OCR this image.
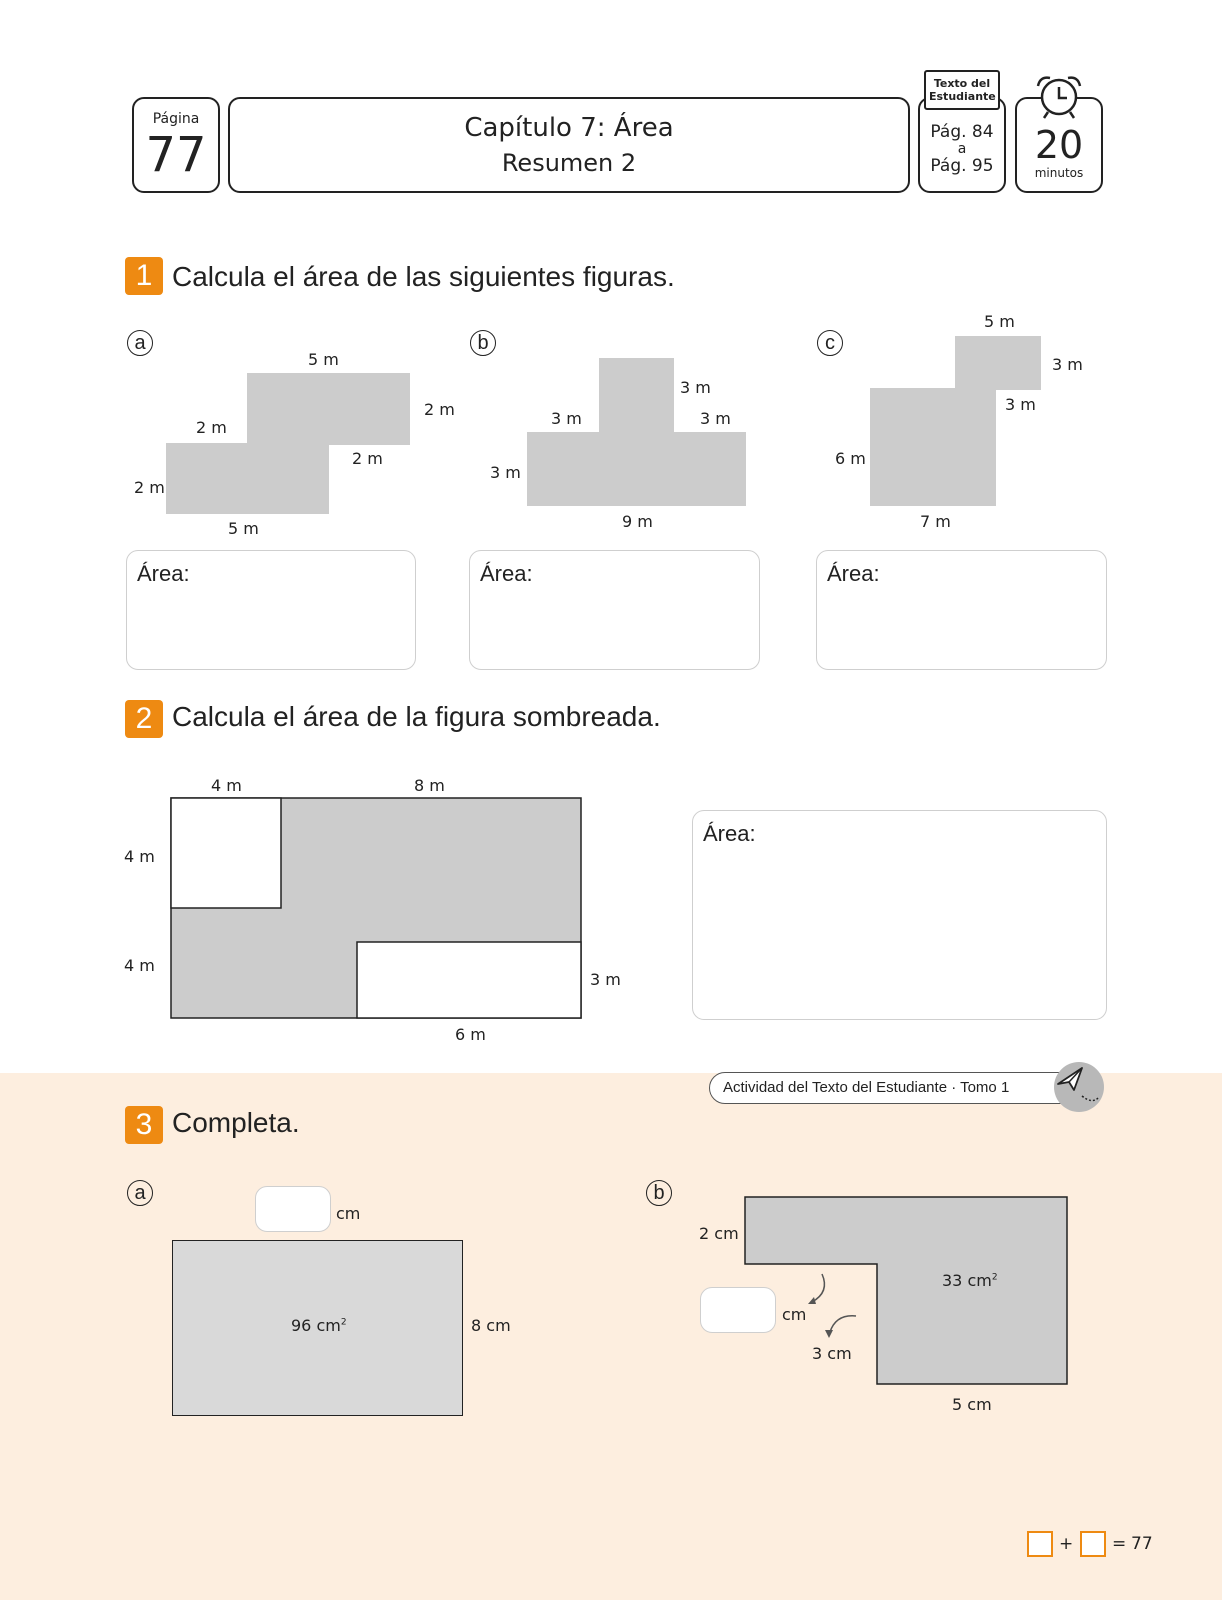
Página
77	Capítulo 7: Área
Resumen 2
Texto del Estudiante
Pág. 84
a
Pág. 95 20
minutos
1 Calcula el área de las siguientes figuras.
a
5 m
2 m
2 m
2 m
2 m
5 m
Área:
b
3 m
3 m	3 m
3 m
9 m
Área:
c
5 m
3 m
3 m
6 m
7 m
Área:
2 Calcula el área de la figura sombreada.
4 m	8 m
4 m
4 m
3 m
6 m
Área:
Actividad del Texto del Estudiante · Tomo 1
3 Completa.
a
cm
96 $cm^2$	8 cm
b
2 cm
33 $cm^2$
cm
3 cm
5 cm
+ = 77
